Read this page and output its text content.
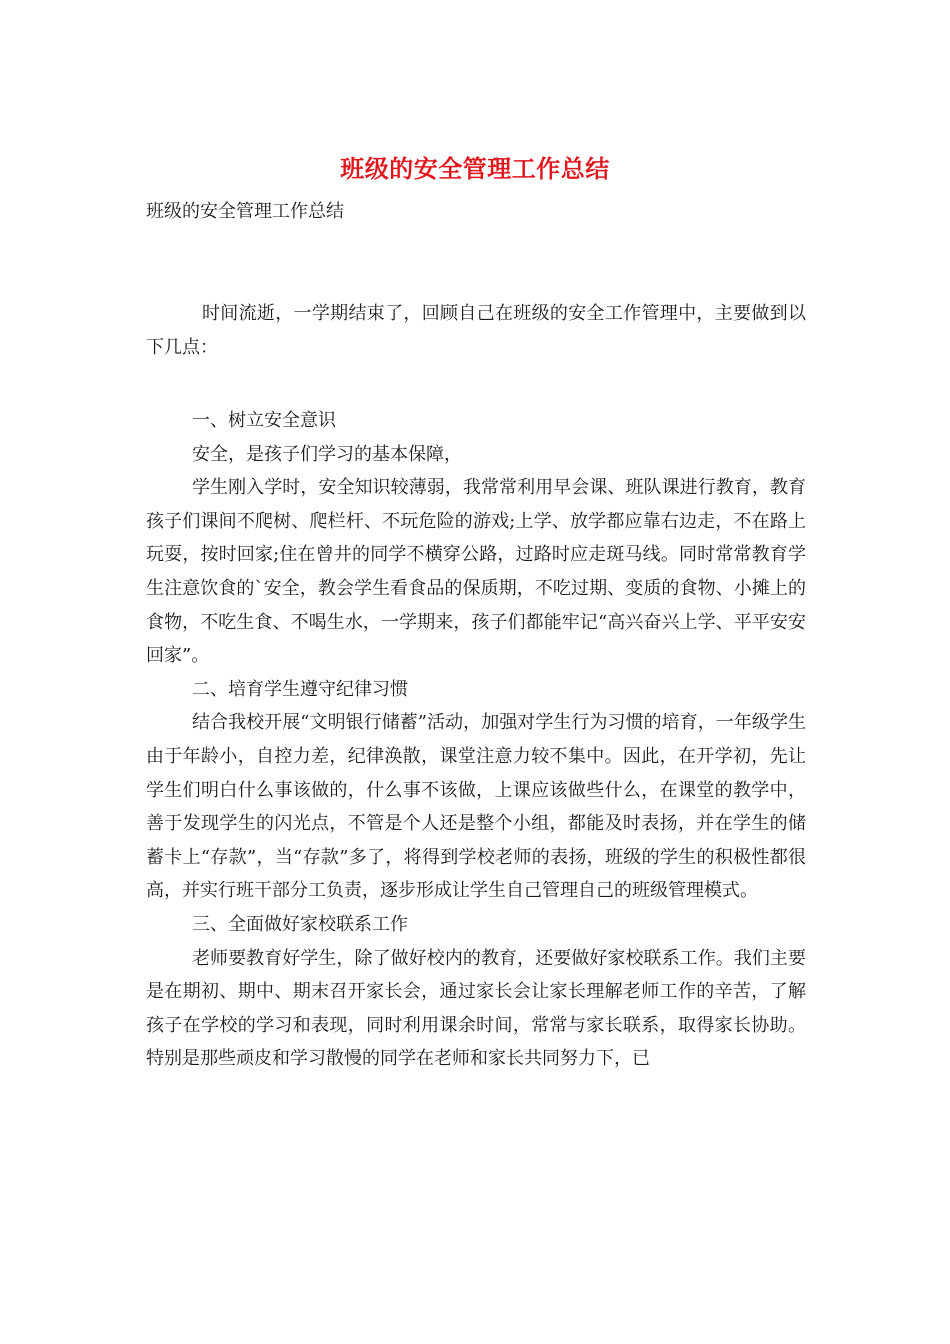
班级的安全管理工作总结
班级的安全管理工作总结

时间流逝，一学期结束了，回顾自己在班级的安全工作管理中，主要做到以下几点：

一、树立安全意识

安全，是孩子们学习的基本保障，

学生刚入学时，安全知识较薄弱，我常常利用早会课、班队课进行教育，教育孩子们课间不爬树、爬栏杆、不玩危险的游戏;上学、放学都应靠右边走，不在路上玩耍，按时回家;住在曾井的同学不横穿公路，过路时应走斑马线。同时常常教育学生注意饮食的`安全，教会学生看食品的保质期，不吃过期、变质的食物、小摊上的食物，不吃生食、不喝生水，一学期来，孩子们都能牢记“高兴奋兴上学、平平安安回家”。

二、培育学生遵守纪律习惯

结合我校开展“文明银行储蓄”活动，加强对学生行为习惯的培育，一年级学生由于年龄小，自控力差，纪律涣散，课堂注意力较不集中。因此，在开学初，先让学生们明白什么事该做的，什么事不该做，上课应该做些什么，在课堂的教学中，善于发现学生的闪光点，不管是个人还是整个小组，都能及时表扬，并在学生的储蓄卡上“存款”，当“存款”多了，将得到学校老师的表扬，班级的学生的积极性都很高，并实行班干部分工负责，逐步形成让学生自己管理自己的班级管理模式。

三、全面做好家校联系工作

老师要教育好学生，除了做好校内的教育，还要做好家校联系工作。我们主要是在期初、期中、期末召开家长会，通过家长会让家长理解老师工作的辛苦，了解孩子在学校的学习和表现，同时利用课余时间，常常与家长联系，取得家长协助。特别是那些顽皮和学习散慢的同学在老师和家长共同努力下，已
